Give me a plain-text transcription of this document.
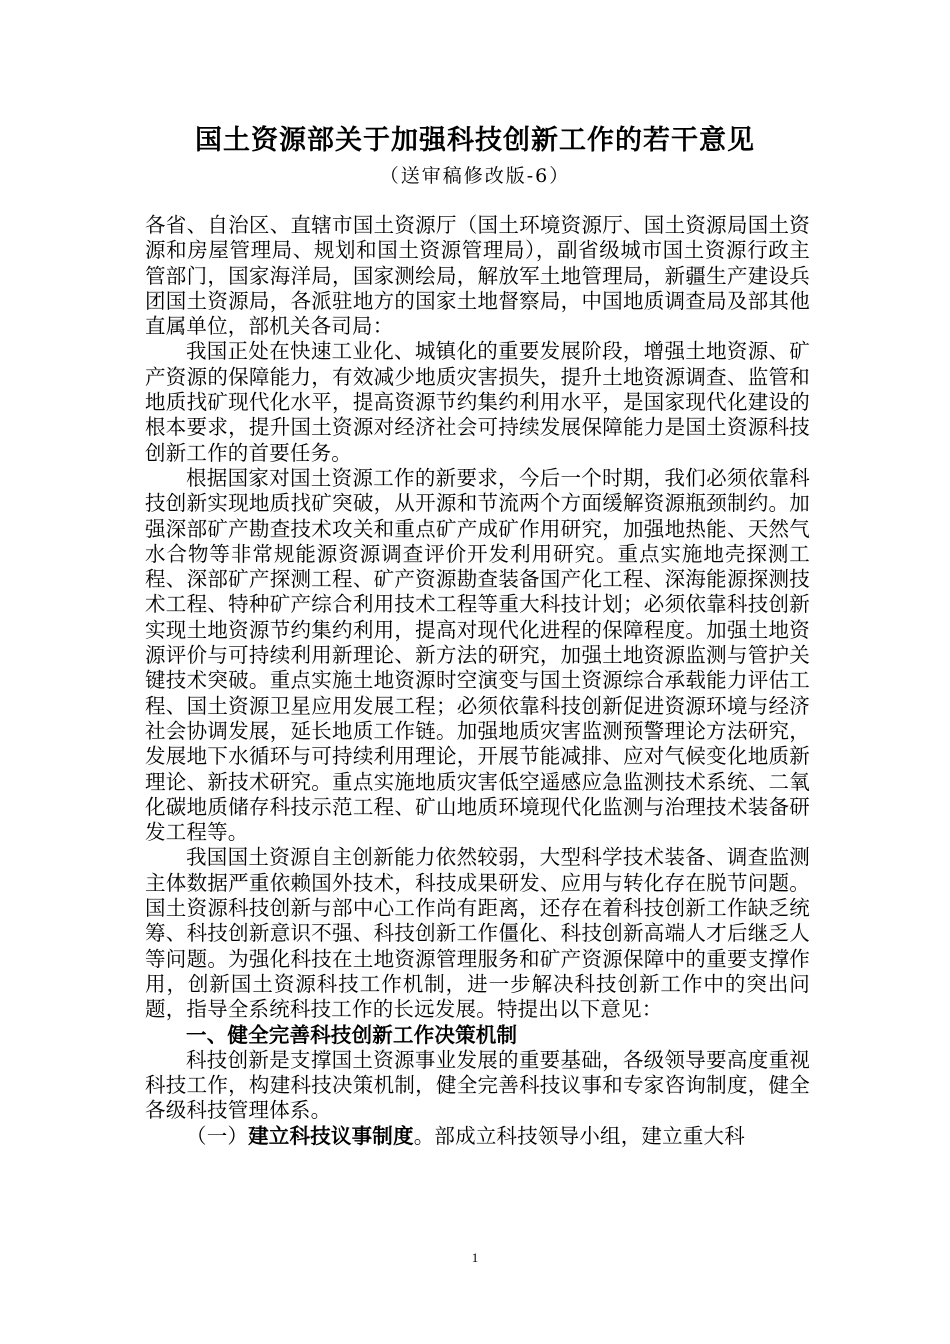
国土资源部关于加强科技创新工作的若干意见
（送审稿修改版-6）

各省、自治区、直辖市国土资源厅（国土环境资源厅、国土资源局国土资源和房屋管理局、规划和国土资源管理局），副省级城市国土资源行政主管部门，国家海洋局，国家测绘局，解放军土地管理局，新疆生产建设兵团国土资源局，各派驻地方的国家土地督察局，中国地质调查局及部其他直属单位，部机关各司局：

我国正处在快速工业化、城镇化的重要发展阶段，增强土地资源、矿产资源的保障能力，有效减少地质灾害损失，提升土地资源调查、监管和地质找矿现代化水平，提高资源节约集约利用水平，是国家现代化建设的根本要求，提升国土资源对经济社会可持续发展保障能力是国土资源科技创新工作的首要任务。

根据国家对国土资源工作的新要求，今后一个时期，我们必须依靠科技创新实现地质找矿突破，从开源和节流两个方面缓解资源瓶颈制约。加强深部矿产勘查技术攻关和重点矿产成矿作用研究，加强地热能、天然气水合物等非常规能源资源调查评价开发利用研究。重点实施地壳探测工程、深部矿产探测工程、矿产资源勘查装备国产化工程、深海能源探测技术工程、特种矿产综合利用技术工程等重大科技计划；必须依靠科技创新实现土地资源节约集约利用，提高对现代化进程的保障程度。加强土地资源评价与可持续利用新理论、新方法的研究，加强土地资源监测与管护关键技术突破。重点实施土地资源时空演变与国土资源综合承载能力评估工程、国土资源卫星应用发展工程；必须依靠科技创新促进资源环境与经济社会协调发展，延长地质工作链。加强地质灾害监测预警理论方法研究，发展地下水循环与可持续利用理论，开展节能减排、应对气候变化地质新理论、新技术研究。重点实施地质灾害低空遥感应急监测技术系统、二氧化碳地质储存科技示范工程、矿山地质环境现代化监测与治理技术装备研发工程等。

我国国土资源自主创新能力依然较弱，大型科学技术装备、调查监测主体数据严重依赖国外技术，科技成果研发、应用与转化存在脱节问题。国土资源科技创新与部中心工作尚有距离，还存在着科技创新工作缺乏统筹、科技创新意识不强、科技创新工作僵化、科技创新高端人才后继乏人等问题。为强化科技在土地资源管理服务和矿产资源保障中的重要支撑作用，创新国土资源科技工作机制，进一步解决科技创新工作中的突出问题，指导全系统科技工作的长远发展。特提出以下意见：

一、健全完善科技创新工作决策机制

科技创新是支撑国土资源事业发展的重要基础，各级领导要高度重视科技工作，构建科技决策机制，健全完善科技议事和专家咨询制度，健全各级科技管理体系。

（一）建立科技议事制度。部成立科技领导小组，建立重大科

1
